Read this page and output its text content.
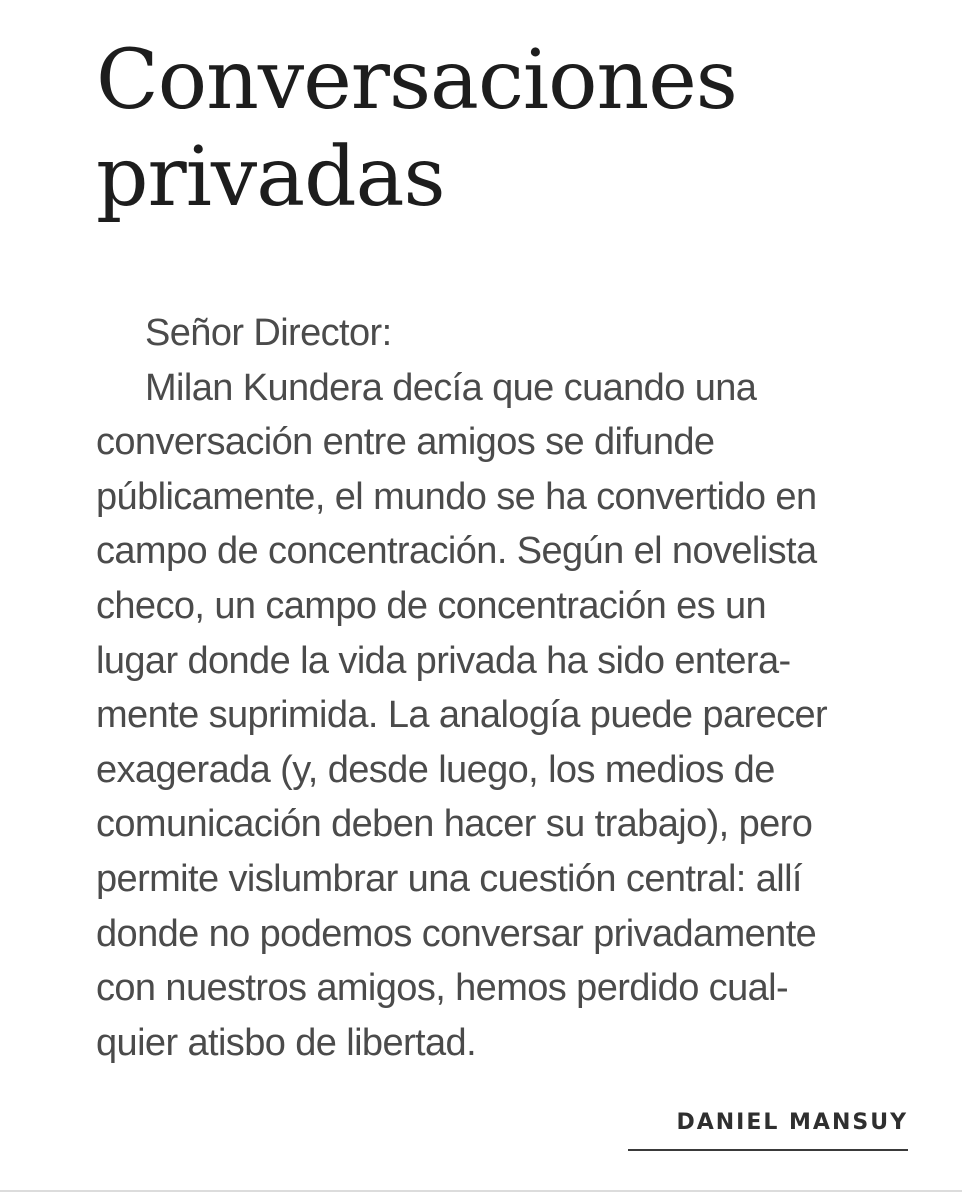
Conversaciones
privadas
Señor Director:
Milan Kundera decía que cuando una
conversación entre amigos se difunde
públicamente, el mundo se ha convertido en
campo de concentración. Según el novelista
checo, un campo de concentración es un
lugar donde la vida privada ha sido entera-
mente suprimida. La analogía puede parecer
exagerada (y, desde luego, los medios de
comunicación deben hacer su trabajo), pero
permite vislumbrar una cuestión central: allí
donde no podemos conversar privadamente
con nuestros amigos, hemos perdido cual-
quier atisbo de libertad.
DANIEL MANSUY
